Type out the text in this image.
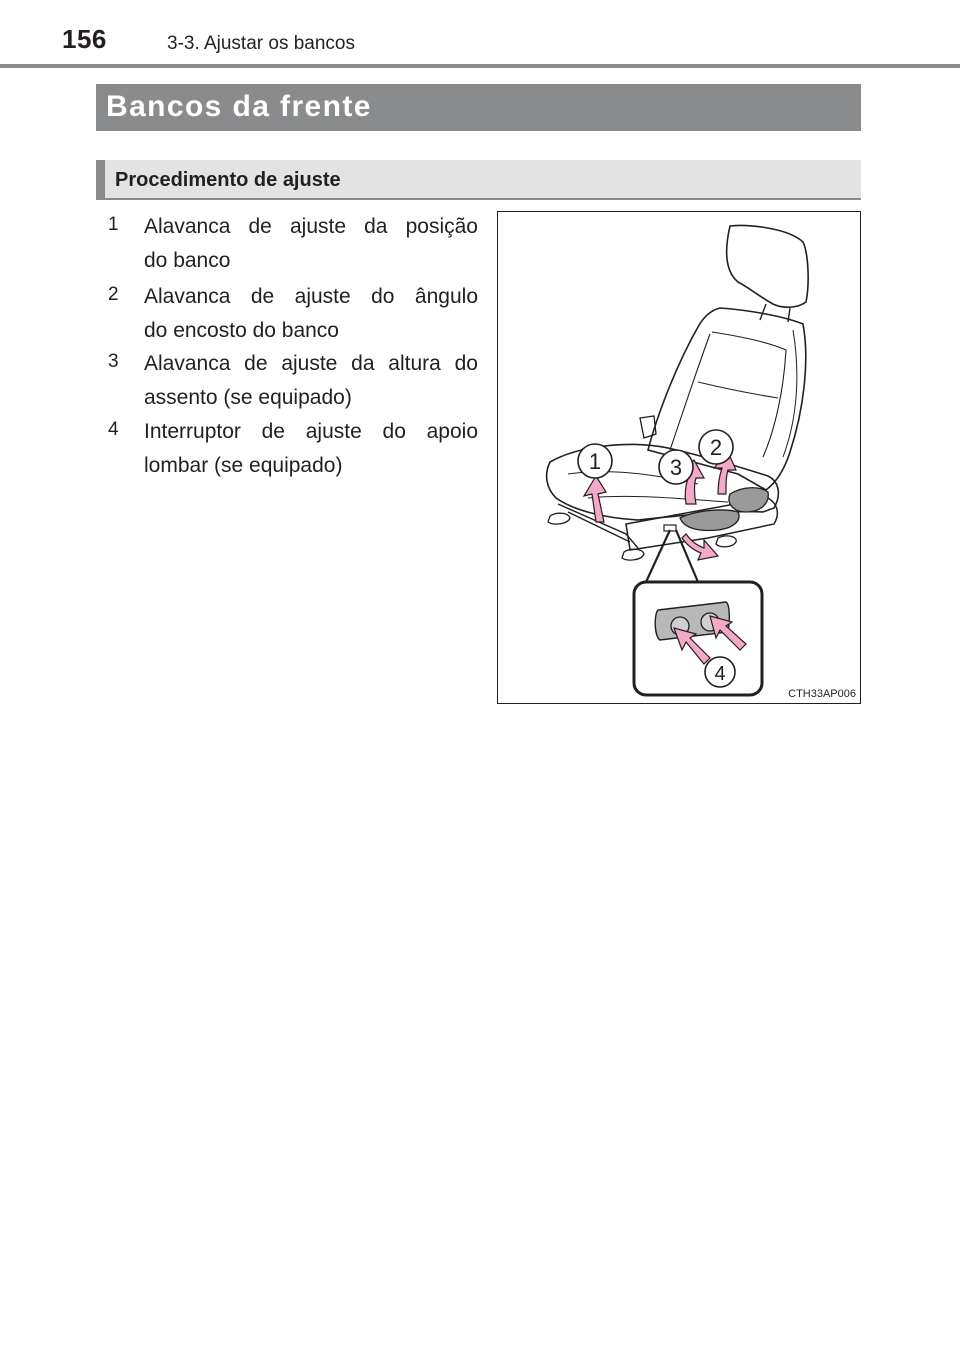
156	3-3. Ajustar os bancos
Bancos da frente
Procedimento de ajuste
1 Alavanca de ajuste da posição
do banco
2 Alavanca de ajuste do ângulo
do encosto do banco
3 Alavanca de ajuste da altura do
assento (se equipado)
4 Interruptor de ajuste do apoio
lombar (se equipado)	1
2
3
4
CTH33AP006
